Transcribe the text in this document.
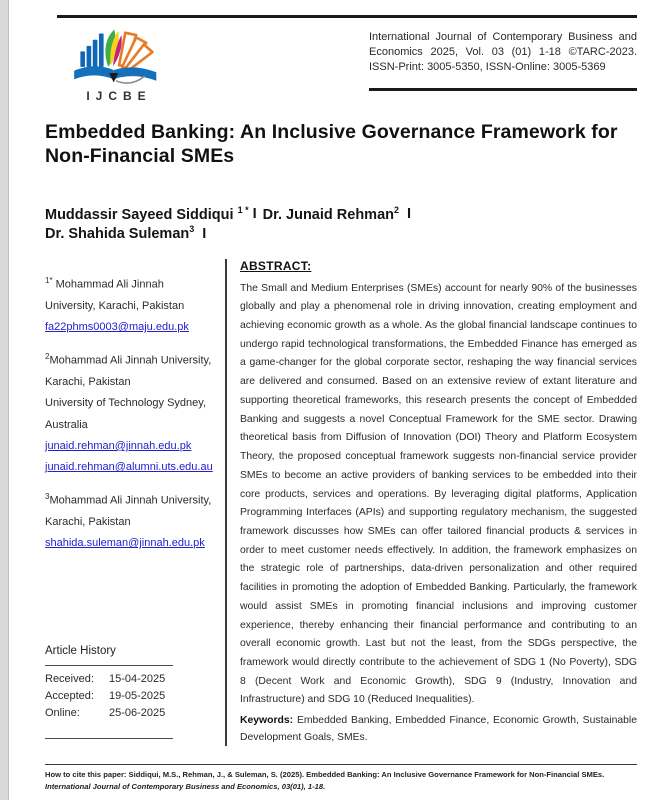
IJCBE

International Journal of Contemporary Business and Economics 2025, Vol. 03 (01) 1-18 ©TARC-2023. ISSN-Print: 3005-5350, ISSN-Online: 3005-5369

Embedded Banking: An Inclusive Governance Framework for Non-Financial SMEs
Muddassir Sayeed Siddiqui $^{1 *}$ I Dr. Junaid Rehman$^2$ I
Dr. Shahida Suleman$^3$ I
$^{1*}$ Mohammad Ali Jinnah University, Karachi, Pakistan
fa22phms0003@maju.edu.pk
$^2$Mohammad Ali Jinnah University, Karachi, Pakistan
University of Technology Sydney, Australia
junaid.rehman@jinnah.edu.pk
junaid.rehman@alumni.uts.edu.au
$^3$Mohammad Ali Jinnah University, Karachi, Pakistan
shahida.suleman@jinnah.edu.pk
Article History
Received:	15-04-2025
Accepted:	19-05-2025
Online:	25-06-2025
ABSTRACT:

The Small and Medium Enterprises (SMEs) account for nearly 90% of the businesses globally and play a phenomenal role in driving innovation, creating employment and achieving economic growth as a whole. As the global financial landscape continues to undergo rapid technological transformations, the Embedded Finance has emerged as a game-changer for the global corporate sector, reshaping the way financial services are delivered and consumed. Based on an extensive review of extant literature and supporting theoretical frameworks, this research presents the concept of Embedded Banking and suggests a novel Conceptual Framework for the SME sector. Drawing theoretical basis from Diffusion of Innovation (DOI) Theory and Platform Ecosystem Theory, the proposed conceptual framework suggests non-financial service provider SMEs to become an active providers of banking services to be embedded into their core products, services and operations. By leveraging digital platforms, Application Programming Interfaces (APIs) and supporting regulatory mechanism, the suggested framework discusses how SMEs can offer tailored financial products & services in order to meet customer needs effectively. In addition, the framework emphasizes on the strategic role of partnerships, data-driven personalization and other required facilities in promoting the adoption of Embedded Banking. Particularly, the framework would assist SMEs in promoting financial inclusions and improving customer experience, thereby enhancing their financial performance and contributing to an overall economic growth. Last but not the least, from the SDGs perspective, the framework would directly contribute to the achievement of SDG 1 (No Poverty), SDG 8 (Decent Work and Economic Growth), SDG 9 (Industry, Innovation and Infrastructure) and SDG 10 (Reduced Inequalities).

Keywords: Embedded Banking, Embedded Finance, Economic Growth, Sustainable Development Goals, SMEs.

How to cite this paper: Siddiqui, M.S., Rehman, J., & Suleman, S. (2025). Embedded Banking: An Inclusive Governance Framework for Non-Financial SMEs.
International Journal of Contemporary Business and Economics, 03(01), 1-18.
